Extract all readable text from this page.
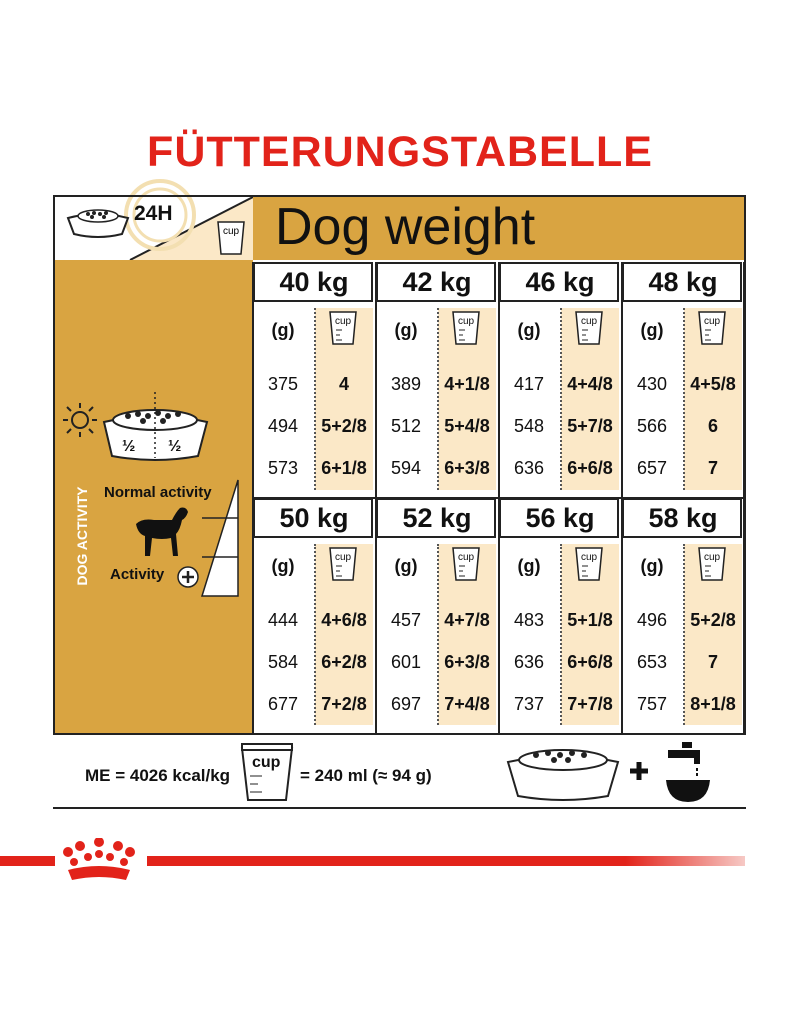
FÜTTERUNGSTABELLE
24H
cup Dog weight
½ ½
DOG ACTIVITY Normal activity
Activity
40 kg
(g)	cup
375	4
494	5+2/8
573	6+1/8
42 kg
(g)	cup
389	4+1/8
512	5+4/8
594	6+3/8
46 kg
(g)	cup
417	4+4/8
548	5+7/8
636	6+6/8
48 kg
(g)	cup
430	4+5/8
566	6
657	7
50 kg
(g)	cup
444	4+6/8
584	6+2/8
677	7+2/8
52 kg
(g)	cup
457	4+7/8
601	6+3/8
697	7+4/8
56 kg
(g)	cup
483	5+1/8
636	6+6/8
737	7+7/8
58 kg
(g)	cup
496	5+2/8
653	7
757	8+1/8
ME = 4026 kcal/kg
cup
= 240 ml (≈ 94 g)
